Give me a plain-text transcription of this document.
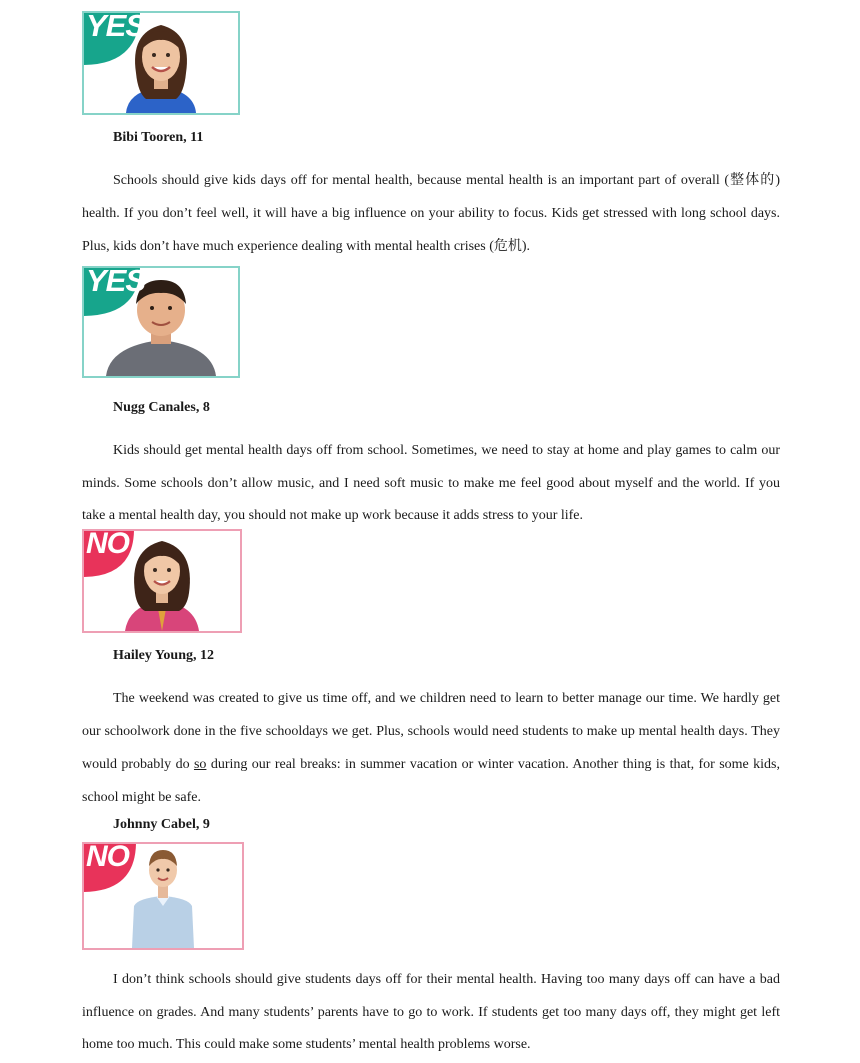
YES
Bibi Tooren, 11

Schools should give kids days off for mental health, because mental health is an important part of overall (整体的) health. If you don’t feel well, it will have a big influence on your ability to focus. Kids get stressed with long school days. Plus, kids don’t have much experience dealing with mental health crises (危机).

YES
Nugg Canales, 8

Kids should get mental health days off from school. Sometimes, we need to stay at home and play games to calm our minds. Some schools don’t allow music, and I need soft music to make me feel good about myself and the world. If you take a mental health day, you should not make up work because it adds stress to your life.

NO
Hailey Young, 12

The weekend was created to give us time off, and we children need to learn to better manage our time. We hardly get our schoolwork done in the five schooldays we get. Plus, schools would need students to make up mental health days. They would probably do so during our real breaks: in summer vacation or winter vacation. Another thing is that, for some kids, school might be safe.

Johnny Cabel, 9
NO

I don’t think schools should give students days off for their mental health. Having too many days off can have a bad influence on grades. And many students’ parents have to go to work. If students get too many days off, they might get left home too much. This could make some students’ mental health problems worse.
